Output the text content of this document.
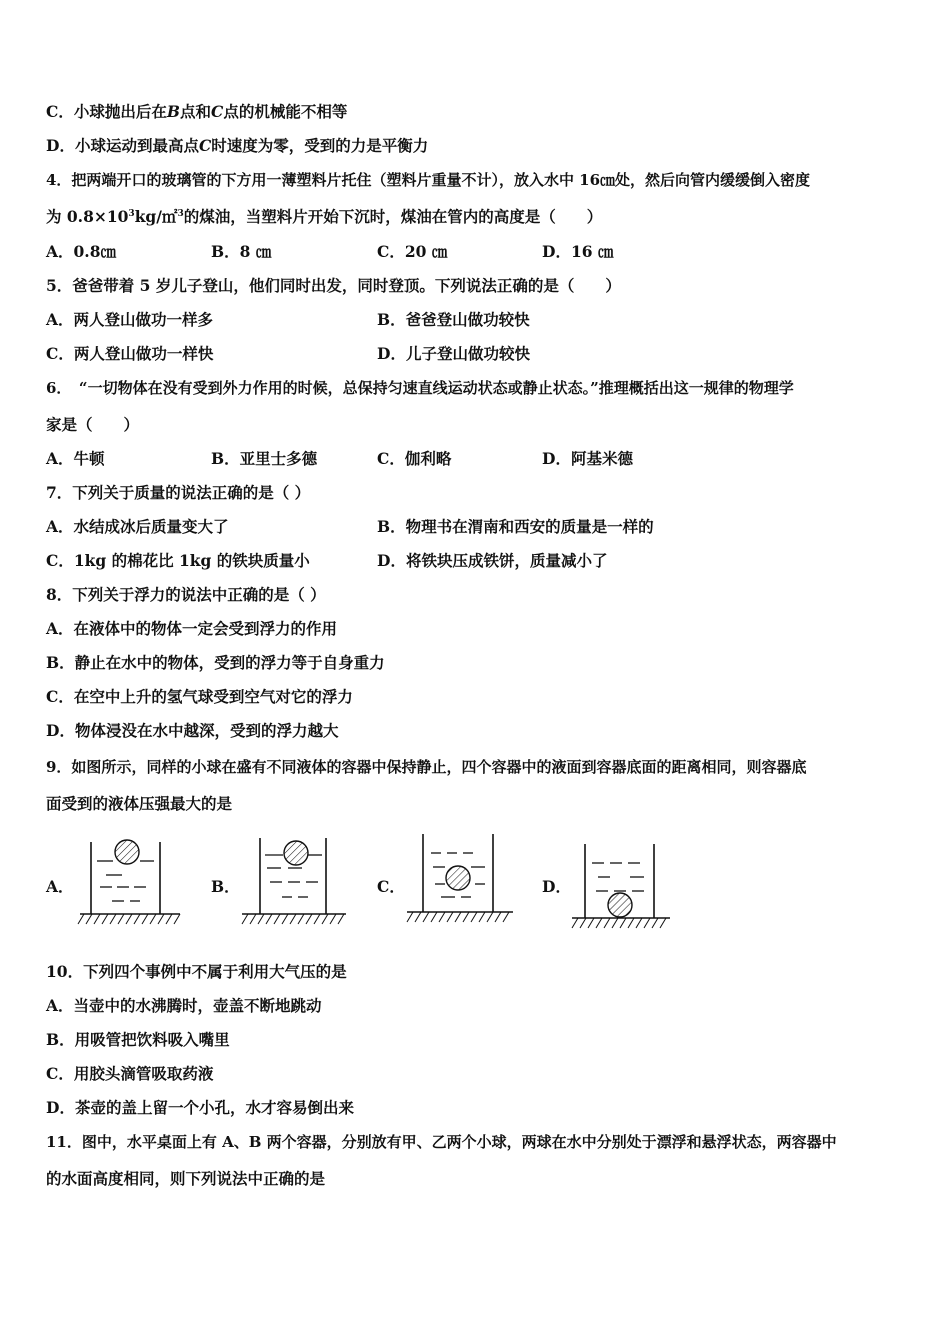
C．小球抛出后在B点和C点的机械能不相等
D．小球运动到最高点C时速度为零，受到的力是平衡力
4．把两端开口的玻璃管的下方用一薄塑料片托住（塑料片重量不计），放入水中 16㎝处，然后向管内缓缓倒入密度
为 $0.8\times 10^3kg/㎡^3$的煤油，当塑料片开始下沉时，煤油在管内的高度是（　　）
A．0.8㎝	B．8 ㎝	C．20 ㎝	D．16 ㎝
5．爸爸带着 5 岁儿子登山，他们同时出发，同时登顶。下列说法正确的是（　　）
A．两人登山做功一样多	B．爸爸登山做功较快
C．两人登山做功一样快	D．儿子登山做功较快
6．　“一切物体在没有受到外力作用的时候，总保持匀速直线运动状态或静止状态。”推理概括出这一规律的物理学
家是（　　）
A．牛顿	B．亚里士多德	C．伽利略	D．阿基米德
7．下列关于质量的说法正确的是（ ）
A．水结成冰后质量变大了	B．物理书在渭南和西安的质量是一样的
C．1kg 的棉花比 1kg 的铁块质量小	D．将铁块压成铁饼，质量减小了
8．下列关于浮力的说法中正确的是（ ）
A．在液体中的物体一定会受到浮力的作用
B．静止在水中的物体，受到的浮力等于自身重力
C．在空中上升的氢气球受到空气对它的浮力
D．物体浸没在水中越深，受到的浮力越大
9．如图所示，同样的小球在盛有不同液体的容器中保持静止，四个容器中的液面到容器底面的距离相同，则容器底
面受到的液体压强最大的是
A．	B．	C．	D．
10．下列四个事例中不属于利用大气压的是
A．当壶中的水沸腾时，壶盖不断地跳动
B．用吸管把饮料吸入嘴里
C．用胶头滴管吸取药液
D．茶壶的盖上留一个小孔，水才容易倒出来
11．图中，水平桌面上有 A、B 两个容器，分别放有甲、乙两个小球，两球在水中分别处于漂浮和悬浮状态，两容器中
的水面高度相同，则下列说法中正确的是
